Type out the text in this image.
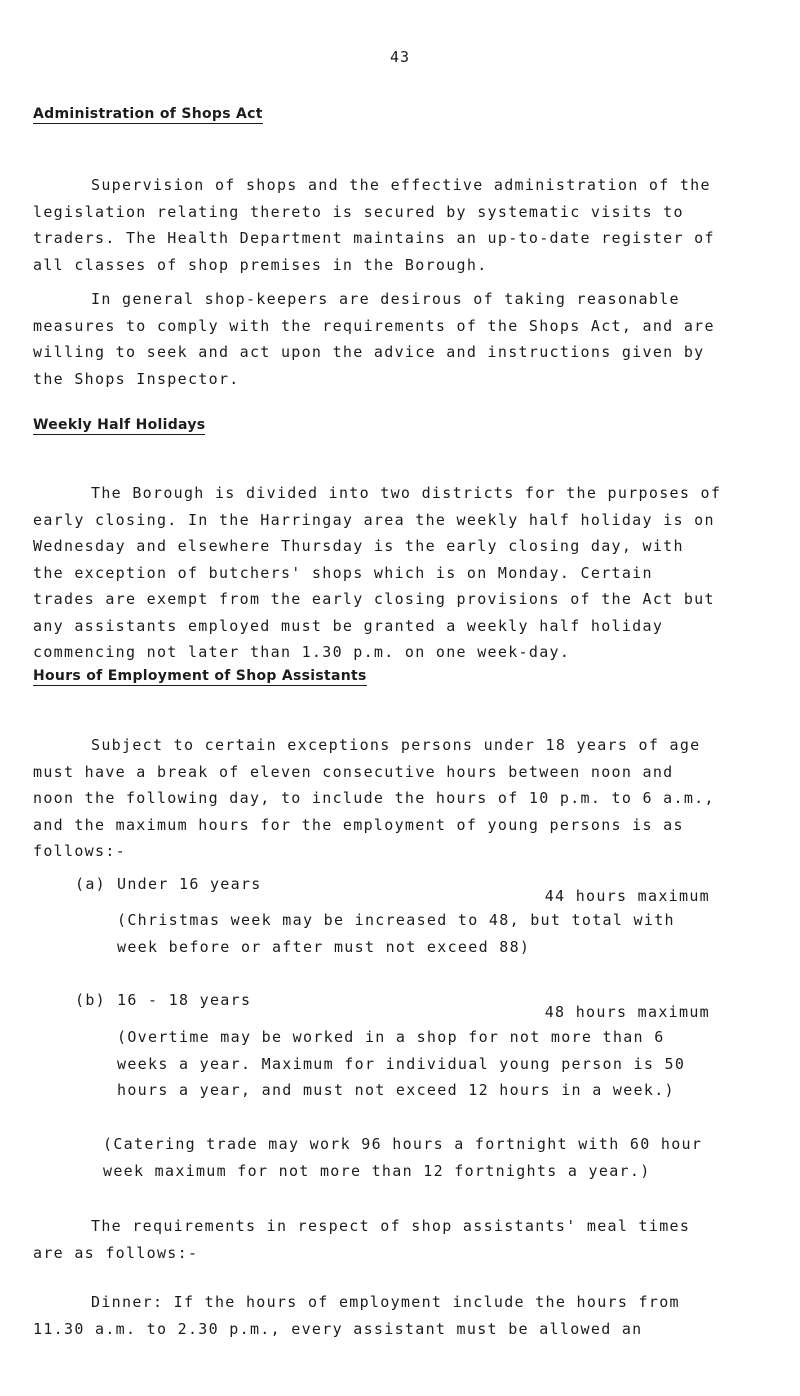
43
Administration of Shops Act

Supervision of shops and the effective administration of the legislation relating thereto is secured by systematic visits to traders. The Health Department maintains an up-to-date register of all classes of shop premises in the Borough.

In general shop-keepers are desirous of taking reasonable measures to comply with the requirements of the Shops Act, and are willing to seek and act upon the advice and instructions given by the Shops Inspector.

Weekly Half Holidays

The Borough is divided into two districts for the purposes of early closing. In the Harringay area the weekly half holiday is on Wednesday and elsewhere Thursday is the early closing day, with the exception of butchers' shops which is on Monday. Certain trades are exempt from the early closing provisions of the Act but any assistants employed must be granted a weekly half holiday commencing not later than 1.30 p.m. on one week-day.

Hours of Employment of Shop Assistants

Subject to certain exceptions persons under 18 years of age must have a break of eleven consecutive hours between noon and noon the following day, to include the hours of 10 p.m. to 6 a.m., and the maximum hours for the employment of young persons is as follows:-

(a) Under 16 years
44 hours maximum
(Christmas week may be increased to 48, but total with week before or after must not exceed 88)
(b) 16 - 18 years
48 hours maximum
(Overtime may be worked in a shop for not more than 6 weeks a year. Maximum for individual young person is 50 hours a year, and must not exceed 12 hours in a week.)
(Catering trade may work 96 hours a fortnight with 60 hour week maximum for not more than 12 fortnights a year.)

The requirements in respect of shop assistants' meal times are as follows:-

Dinner: If the hours of employment include the hours from 11.30 a.m. to 2.30 p.m., every assistant must be allowed an
